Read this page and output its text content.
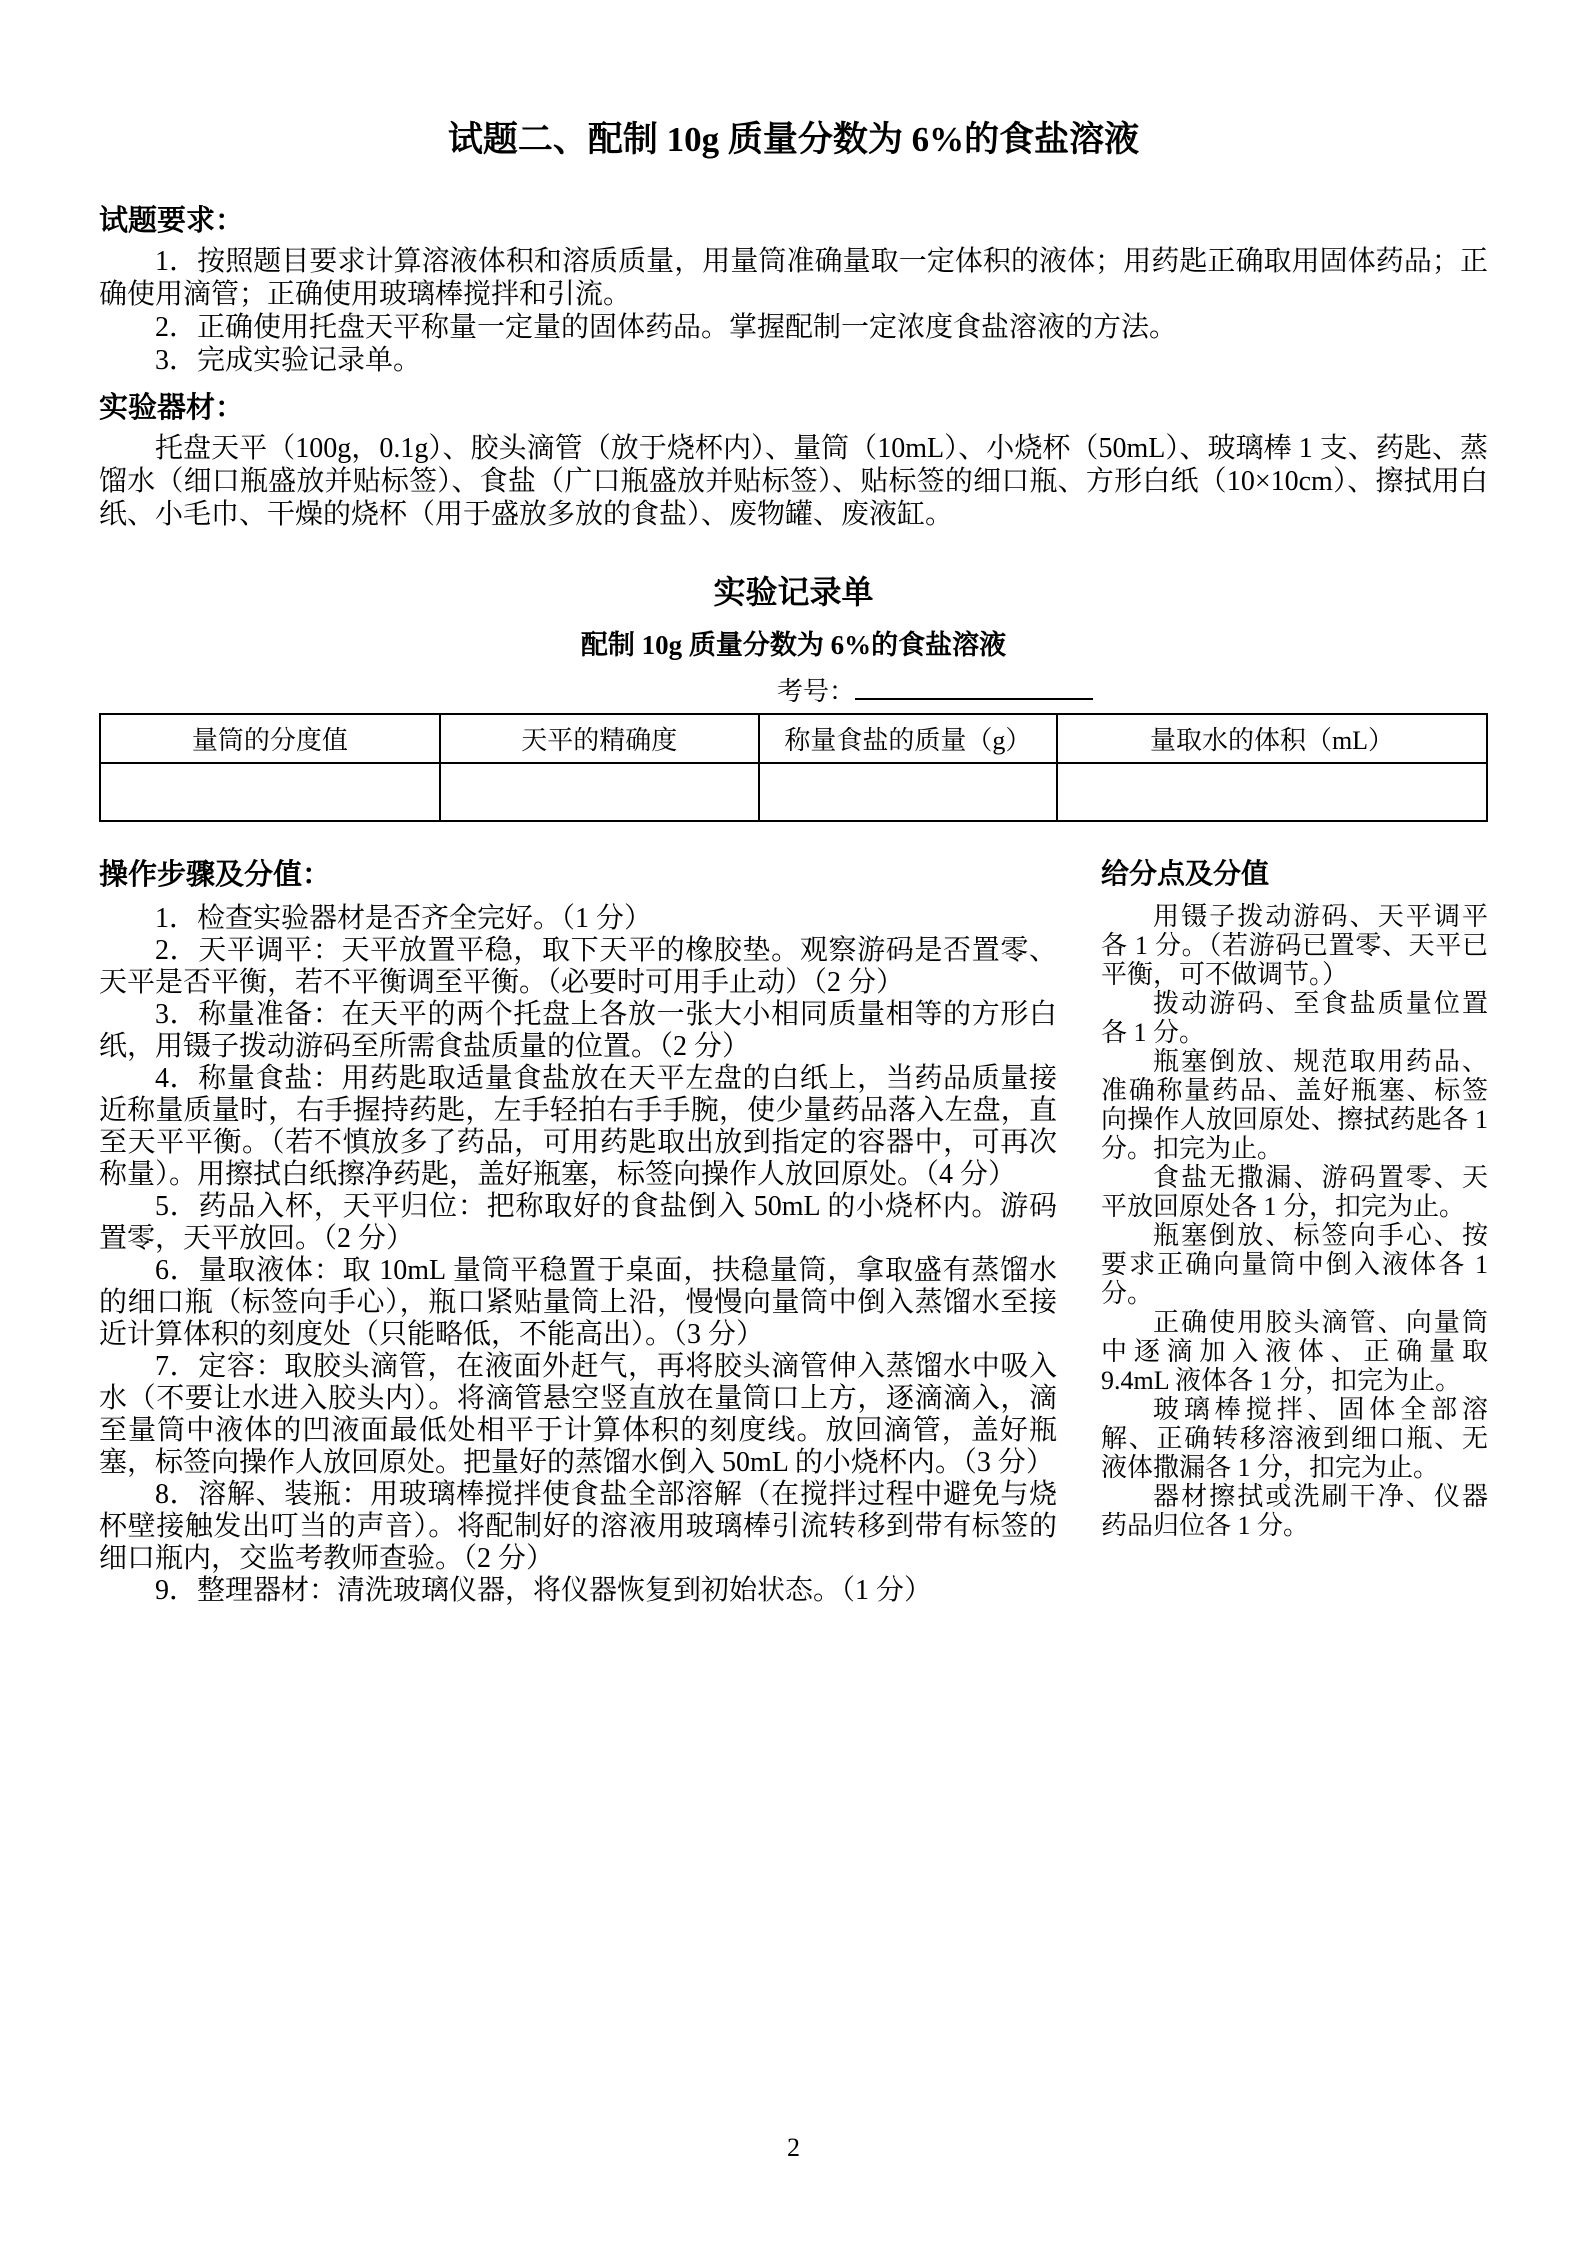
试题二、配制 10g 质量分数为 6%的食盐溶液
试题要求：

1．按照题目要求计算溶液体积和溶质质量，用量筒准确量取一定体积的液体；用药匙正确取用固体药品；正确使用滴管；正确使用玻璃棒搅拌和引流。

2．正确使用托盘天平称量一定量的固体药品。掌握配制一定浓度食盐溶液的方法。

3．完成实验记录单。

实验器材：

托盘天平（100g，0.1g）、胶头滴管（放于烧杯内）、量筒（10mL）、小烧杯（50mL）、玻璃棒 1 支、药匙、蒸馏水（细口瓶盛放并贴标签）、食盐（广口瓶盛放并贴标签）、贴标签的细口瓶、方形白纸（10×10cm）、擦拭用白纸、小毛巾、干燥的烧杯（用于盛放多放的食盐）、废物罐、废液缸。

实验记录单
配制 10g 质量分数为 6%的食盐溶液
考号：
量筒的分度值	天平的精确度	称量食盐的质量（g）	量取水的体积（mL）

操作步骤及分值：

1．检查实验器材是否齐全完好。（1 分）

2．天平调平：天平放置平稳，取下天平的橡胶垫。观察游码是否置零、天平是否平衡，若不平衡调至平衡。（必要时可用手止动）（2 分）

3．称量准备：在天平的两个托盘上各放一张大小相同质量相等的方形白纸，用镊子拨动游码至所需食盐质量的位置。（2 分）

4．称量食盐：用药匙取适量食盐放在天平左盘的白纸上，当药品质量接近称量质量时，右手握持药匙，左手轻拍右手手腕，使少量药品落入左盘，直至天平平衡。（若不慎放多了药品，可用药匙取出放到指定的容器中，可再次称量）。用擦拭白纸擦净药匙，盖好瓶塞，标签向操作人放回原处。（4 分）

5．药品入杯，天平归位：把称取好的食盐倒入 50mL 的小烧杯内。游码置零，天平放回。（2 分）

6．量取液体：取 10mL 量筒平稳置于桌面，扶稳量筒，拿取盛有蒸馏水的细口瓶（标签向手心），瓶口紧贴量筒上沿，慢慢向量筒中倒入蒸馏水至接近计算体积的刻度处（只能略低，不能高出）。（3 分）

7．定容：取胶头滴管，在液面外赶气，再将胶头滴管伸入蒸馏水中吸入水（不要让水进入胶头内）。将滴管悬空竖直放在量筒口上方，逐滴滴入，滴至量筒中液体的凹液面最低处相平于计算体积的刻度线。放回滴管，盖好瓶塞，标签向操作人放回原处。把量好的蒸馏水倒入 50mL 的小烧杯内。（3 分）

8．溶解、装瓶：用玻璃棒搅拌使食盐全部溶解（在搅拌过程中避免与烧杯壁接触发出叮当的声音）。将配制好的溶液用玻璃棒引流转移到带有标签的细口瓶内，交监考教师查验。（2 分）

9．整理器材：清洗玻璃仪器，将仪器恢复到初始状态。（1 分）

给分点及分值

用镊子拨动游码、天平调平各 1 分。（若游码已置零、天平已平衡，可不做调节。）

拨动游码、至食盐质量位置各 1 分。

瓶塞倒放、规范取用药品、准确称量药品、盖好瓶塞、标签向操作人放回原处、擦拭药匙各 1 分。扣完为止。

食盐无撒漏、游码置零、天平放回原处各 1 分，扣完为止。

瓶塞倒放、标签向手心、按要求正确向量筒中倒入液体各 1 分。

正确使用胶头滴管、向量筒中逐滴加入液体、正确量取 9.4mL 液体各 1 分，扣完为止。

玻璃棒搅拌、固体全部溶解、正确转移溶液到细口瓶、无液体撒漏各 1 分，扣完为止。

器材擦拭或洗刷干净、仪器药品归位各 1 分。

2
